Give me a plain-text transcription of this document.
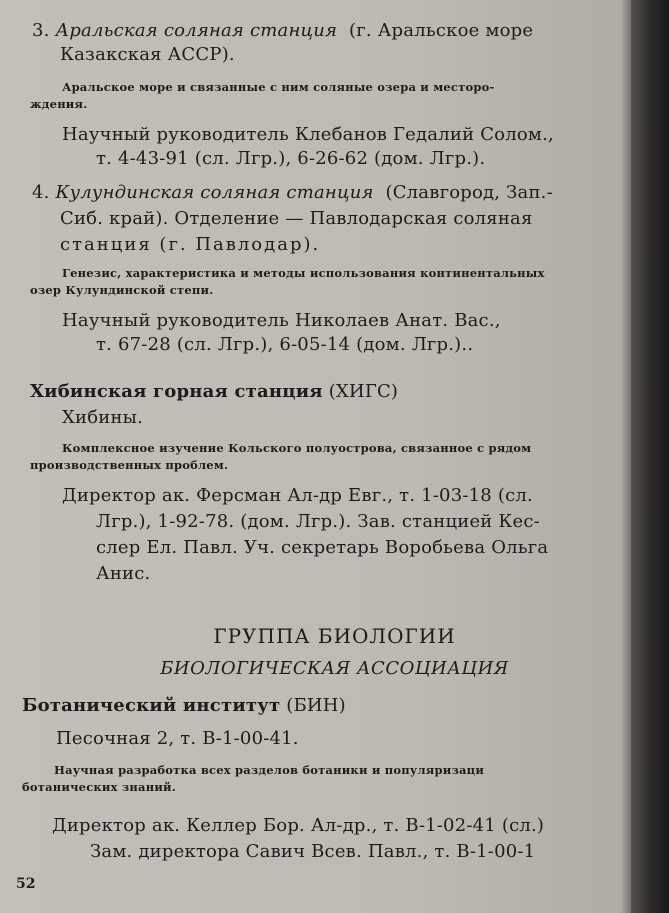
3. Аральская соляная станция (г. Аральское море
Казакская АССР).
Аральское море и связанные с ним соляные озера и месторо-
ждения.
Научный руководитель Клебанов Гедалий Солом.,
т. 4-43-91 (сл. Лгр.), 6-26-62 (дом. Лгр.).
4. Кулундинская соляная станция (Славгород, Зап.-
Сиб. край). Отделение — Павлодарская соляная
станция (г. Павлодар).
Генезис, характеристика и методы использования континентальных
озер Кулундинской степи.
Научный руководитель Николаев Анат. Вас.,
т. 67-28 (сл. Лгр.), 6-05-14 (дом. Лгр.)..
Хибинская горная станция (ХИГС)
Хибины.
Комплексное изучение Кольского полуострова, связанное с рядом
производственных проблем.
Директор ак. Ферсман Ал-др Евг., т. 1-03-18 (сл.
Лгр.), 1-92-78. (дом. Лгр.). Зав. станцией Кес-
слер Ел. Павл. Уч. секретарь Воробьева Ольга
Анис.
ГРУППА БИОЛОГИИ
БИОЛОГИЧЕСКАЯ АССОЦИАЦИЯ
Ботанический институт (БИН)
Песочная 2, т. В-1-00-41.
Научная разработка всех разделов ботаники и популяризаци
ботанических знаний.
Директор ак. Келлер Бор. Ал-др., т. В-1-02-41 (сл.)
Зам. директора Савич Всев. Павл., т. В-1-00-1
52
